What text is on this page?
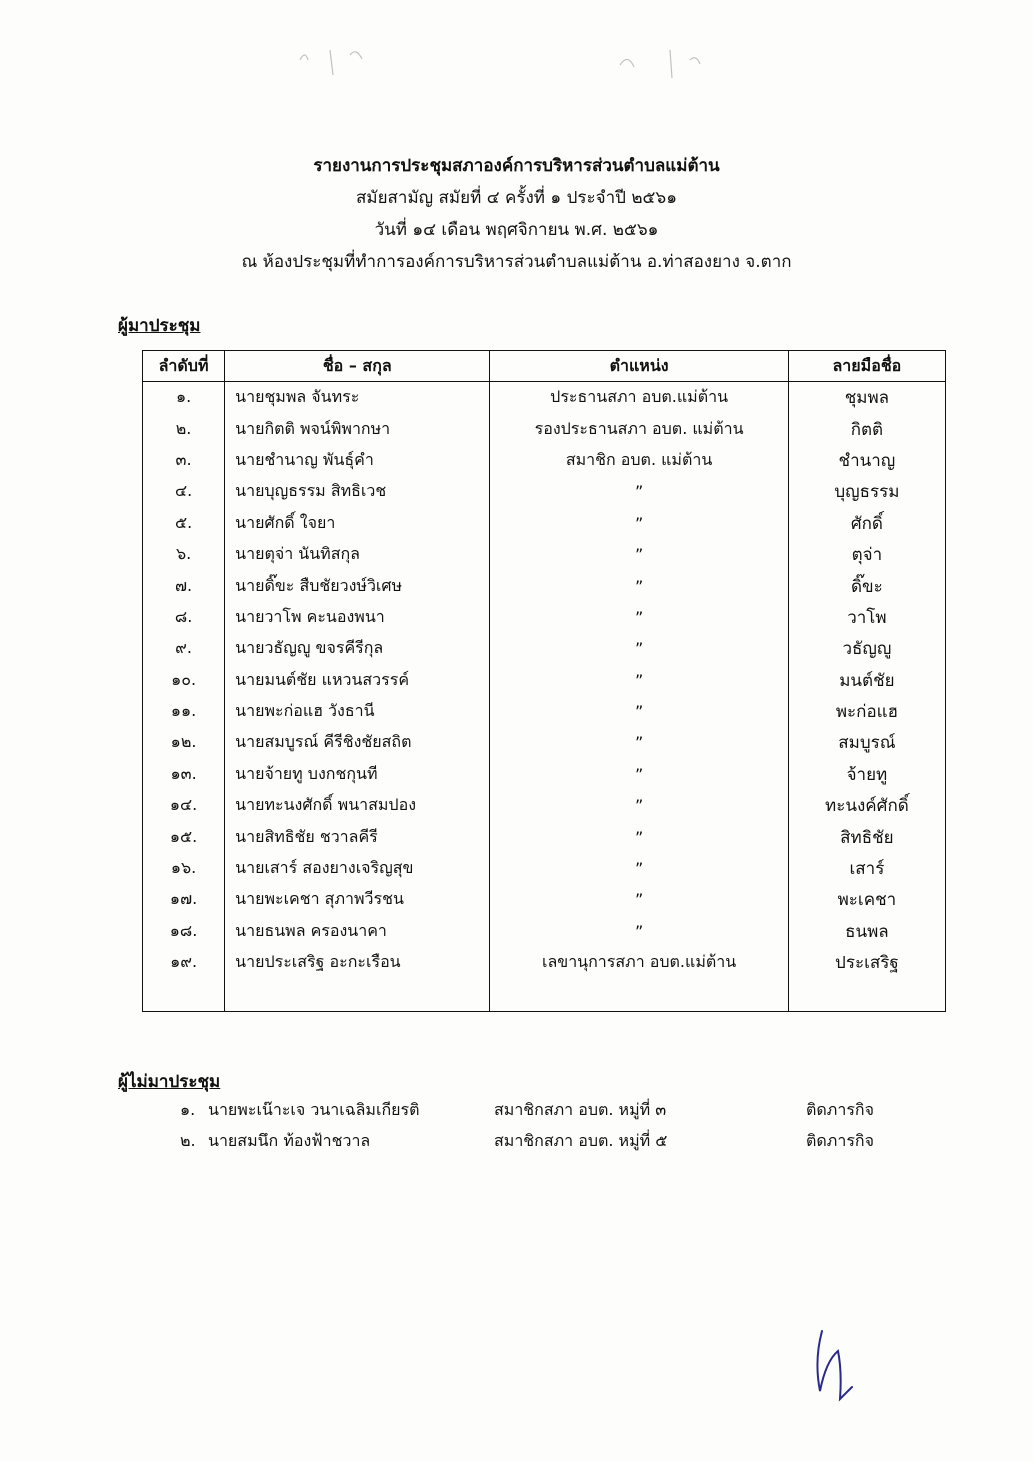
รายงานการประชุมสภาองค์การบริหารส่วนตำบลแม่ต้าน
สมัยสามัญ สมัยที่ ๔ ครั้งที่ ๑ ประจำปี ๒๕๖๑
วันที่ ๑๔ เดือน พฤศจิกายน พ.ศ. ๒๕๖๑
ณ ห้องประชุมที่ทำการองค์การบริหารส่วนตำบลแม่ต้าน อ.ท่าสองยาง จ.ตาก
ผู้มาประชุม
ลำดับที่	ชื่อ – สกุล	ตำแหน่ง	ลายมือชื่อ
๑.	นายชุมพล จันทระ	ประธานสภา อบต.แม่ต้าน	ชุมพล
๒.	นายกิตติ พจน์พิพากษา	รองประธานสภา อบต. แม่ต้าน	กิตติ
๓.	นายชำนาญ พันธุ์คำ	สมาชิก อบต. แม่ต้าน	ชำนาญ
๔.	นายบุญธรรม สิทธิเวช	”	บุญธรรม
๕.	นายศักดิ์ ใจยา	”	ศักดิ์
๖.	นายตุจ่า นันทิสกุล	”	ตุจ่า
๗.	นายดิ๊ขะ สืบชัยวงษ์วิเศษ	”	ดิ๊ขะ
๘.	นายวาโพ คะนองพนา	”	วาโพ
๙.	นายวธัญญู ขจรคีรีกุล	”	วธัญญู
๑๐.	นายมนต์ชัย แหวนสวรรค์	”	มนต์ชัย
๑๑.	นายพะก่อแฮ วังธานี	”	พะก่อแฮ
๑๒.	นายสมบูรณ์ คีรีชิงชัยสถิต	”	สมบูรณ์
๑๓.	นายจ้ายทู บงกชกุนที	”	จ้ายทู
๑๔.	นายทะนงศักดิ์ พนาสมปอง	”	ทะนงค์ศักดิ์
๑๕.	นายสิทธิชัย ชวาลคีรี	”	สิทธิชัย
๑๖.	นายเสาร์ สองยางเจริญสุข	”	เสาร์
๑๗.	นายพะเคชา สุภาพวีรชน	”	พะเคชา
๑๘.	นายธนพล ครองนาคา	”	ธนพล
๑๙.	นายประเสริฐ อะกะเรือน	เลขานุการสภา อบต.แม่ต้าน	ประเสริฐ

ผู้ไม่มาประชุม
๑. นายพะเน๊าะเจ วนาเฉลิมเกียรติ	สมาชิกสภา อบต. หมู่ที่ ๓	ติดภารกิจ
๒. นายสมนึก ท้องฟ้าชวาล	สมาชิกสภา อบต. หมู่ที่ ๕	ติดภารกิจ
